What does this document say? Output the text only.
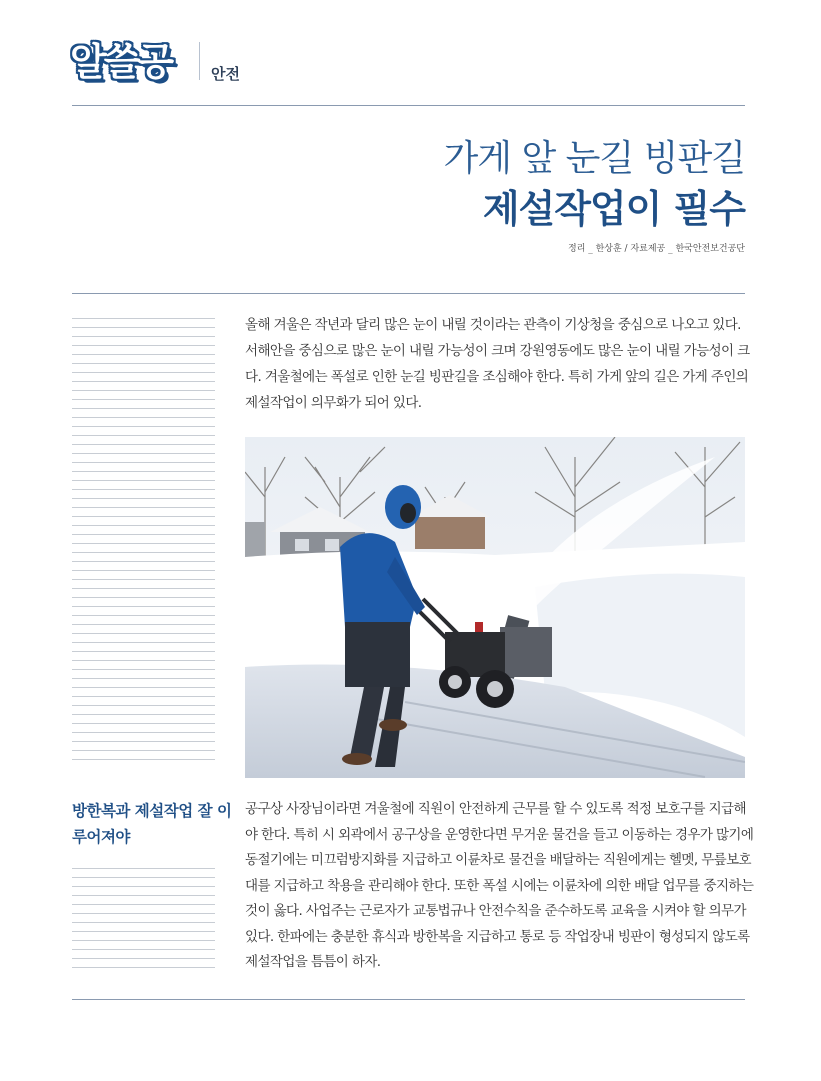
알쓸공	안전
가게 앞 눈길 빙판길
제설작업이 필수
정리 _ 한상훈 / 자료제공 _ 한국안전보건공단

올해 겨울은 작년과 달리 많은 눈이 내릴 것이라는 관측이 기상청을 중심으로 나오고 있다. 서해안을 중심으로 많은 눈이 내릴 가능성이 크며 강원영동에도 많은 눈이 내릴 가능성이 크다. 겨울철에는 폭설로 인한 눈길 빙판길을 조심해야 한다. 특히 가게 앞의 길은 가게 주인의 제설작업이 의무화가 되어 있다.

방한복과 제설작업 잘 이루어져야

공구상 사장님이라면 겨울철에 직원이 안전하게 근무를 할 수 있도록 적정 보호구를 지급해야 한다. 특히 시 외곽에서 공구상을 운영한다면 무거운 물건을 들고 이동하는 경우가 많기에 동절기에는 미끄럼방지화를 지급하고 이륜차로 물건을 배달하는 직원에게는 헬멧, 무릎보호대를 지급하고 착용을 관리해야 한다. 또한 폭설 시에는 이륜차에 의한 배달 업무를 중지하는 것이 옳다. 사업주는 근로자가 교통법규나 안전수칙을 준수하도록 교육을 시켜야 할 의무가 있다. 한파에는 충분한 휴식과 방한복을 지급하고 통로 등 작업장내 빙판이 형성되지 않도록 제설작업을 틈틈이 하자.
